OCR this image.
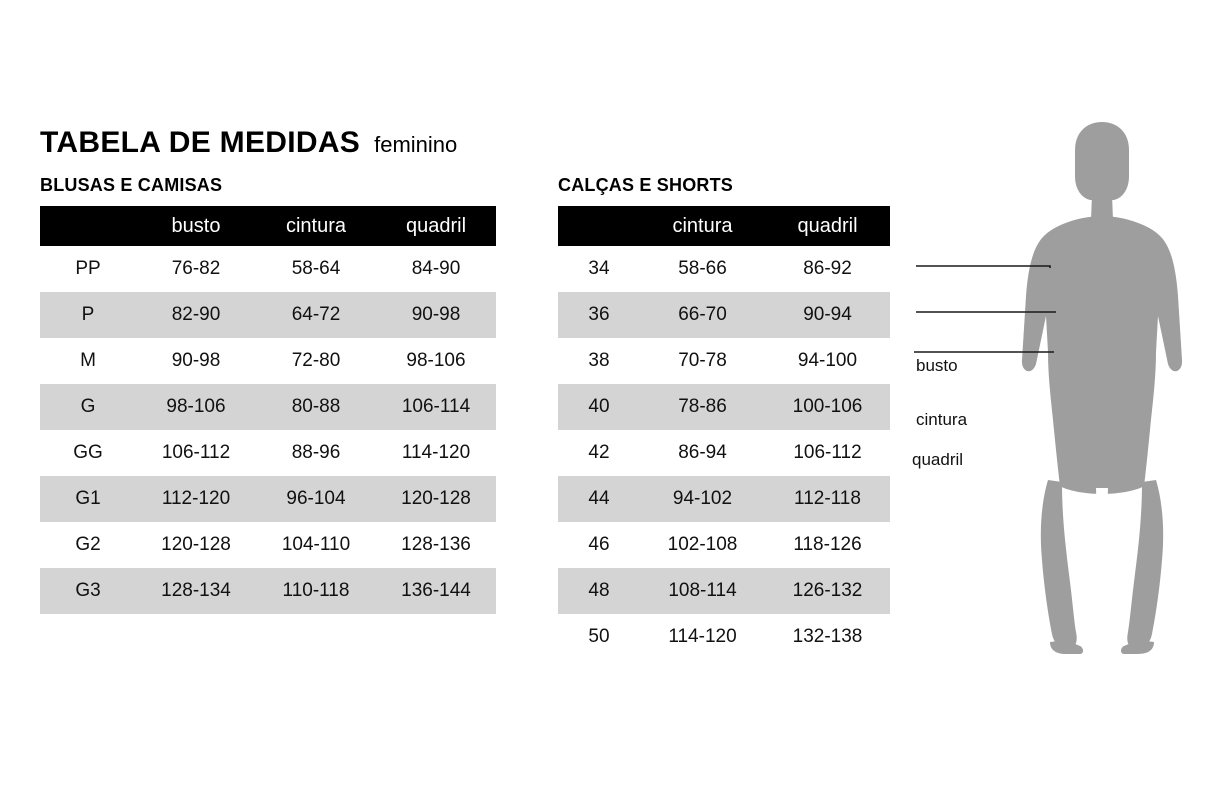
TABELA DE MEDIDAS feminino
BLUSAS E CAMISAS
	busto	cintura	quadril
PP	76-82	58-64	84-90
P	82-90	64-72	90-98
M	90-98	72-80	98-106
G	98-106	80-88	106-114
GG	106-112	88-96	114-120
G1	112-120	96-104	120-128
G2	120-128	104-110	128-136
G3	128-134	110-118	136-144
CALÇAS E SHORTS
	cintura	quadril
34	58-66	86-92
36	66-70	90-94
38	70-78	94-100
40	78-86	100-106
42	86-94	106-112
44	94-102	112-118
46	102-108	118-126
48	108-114	126-132
50	114-120	132-138
busto
cintura
quadril
